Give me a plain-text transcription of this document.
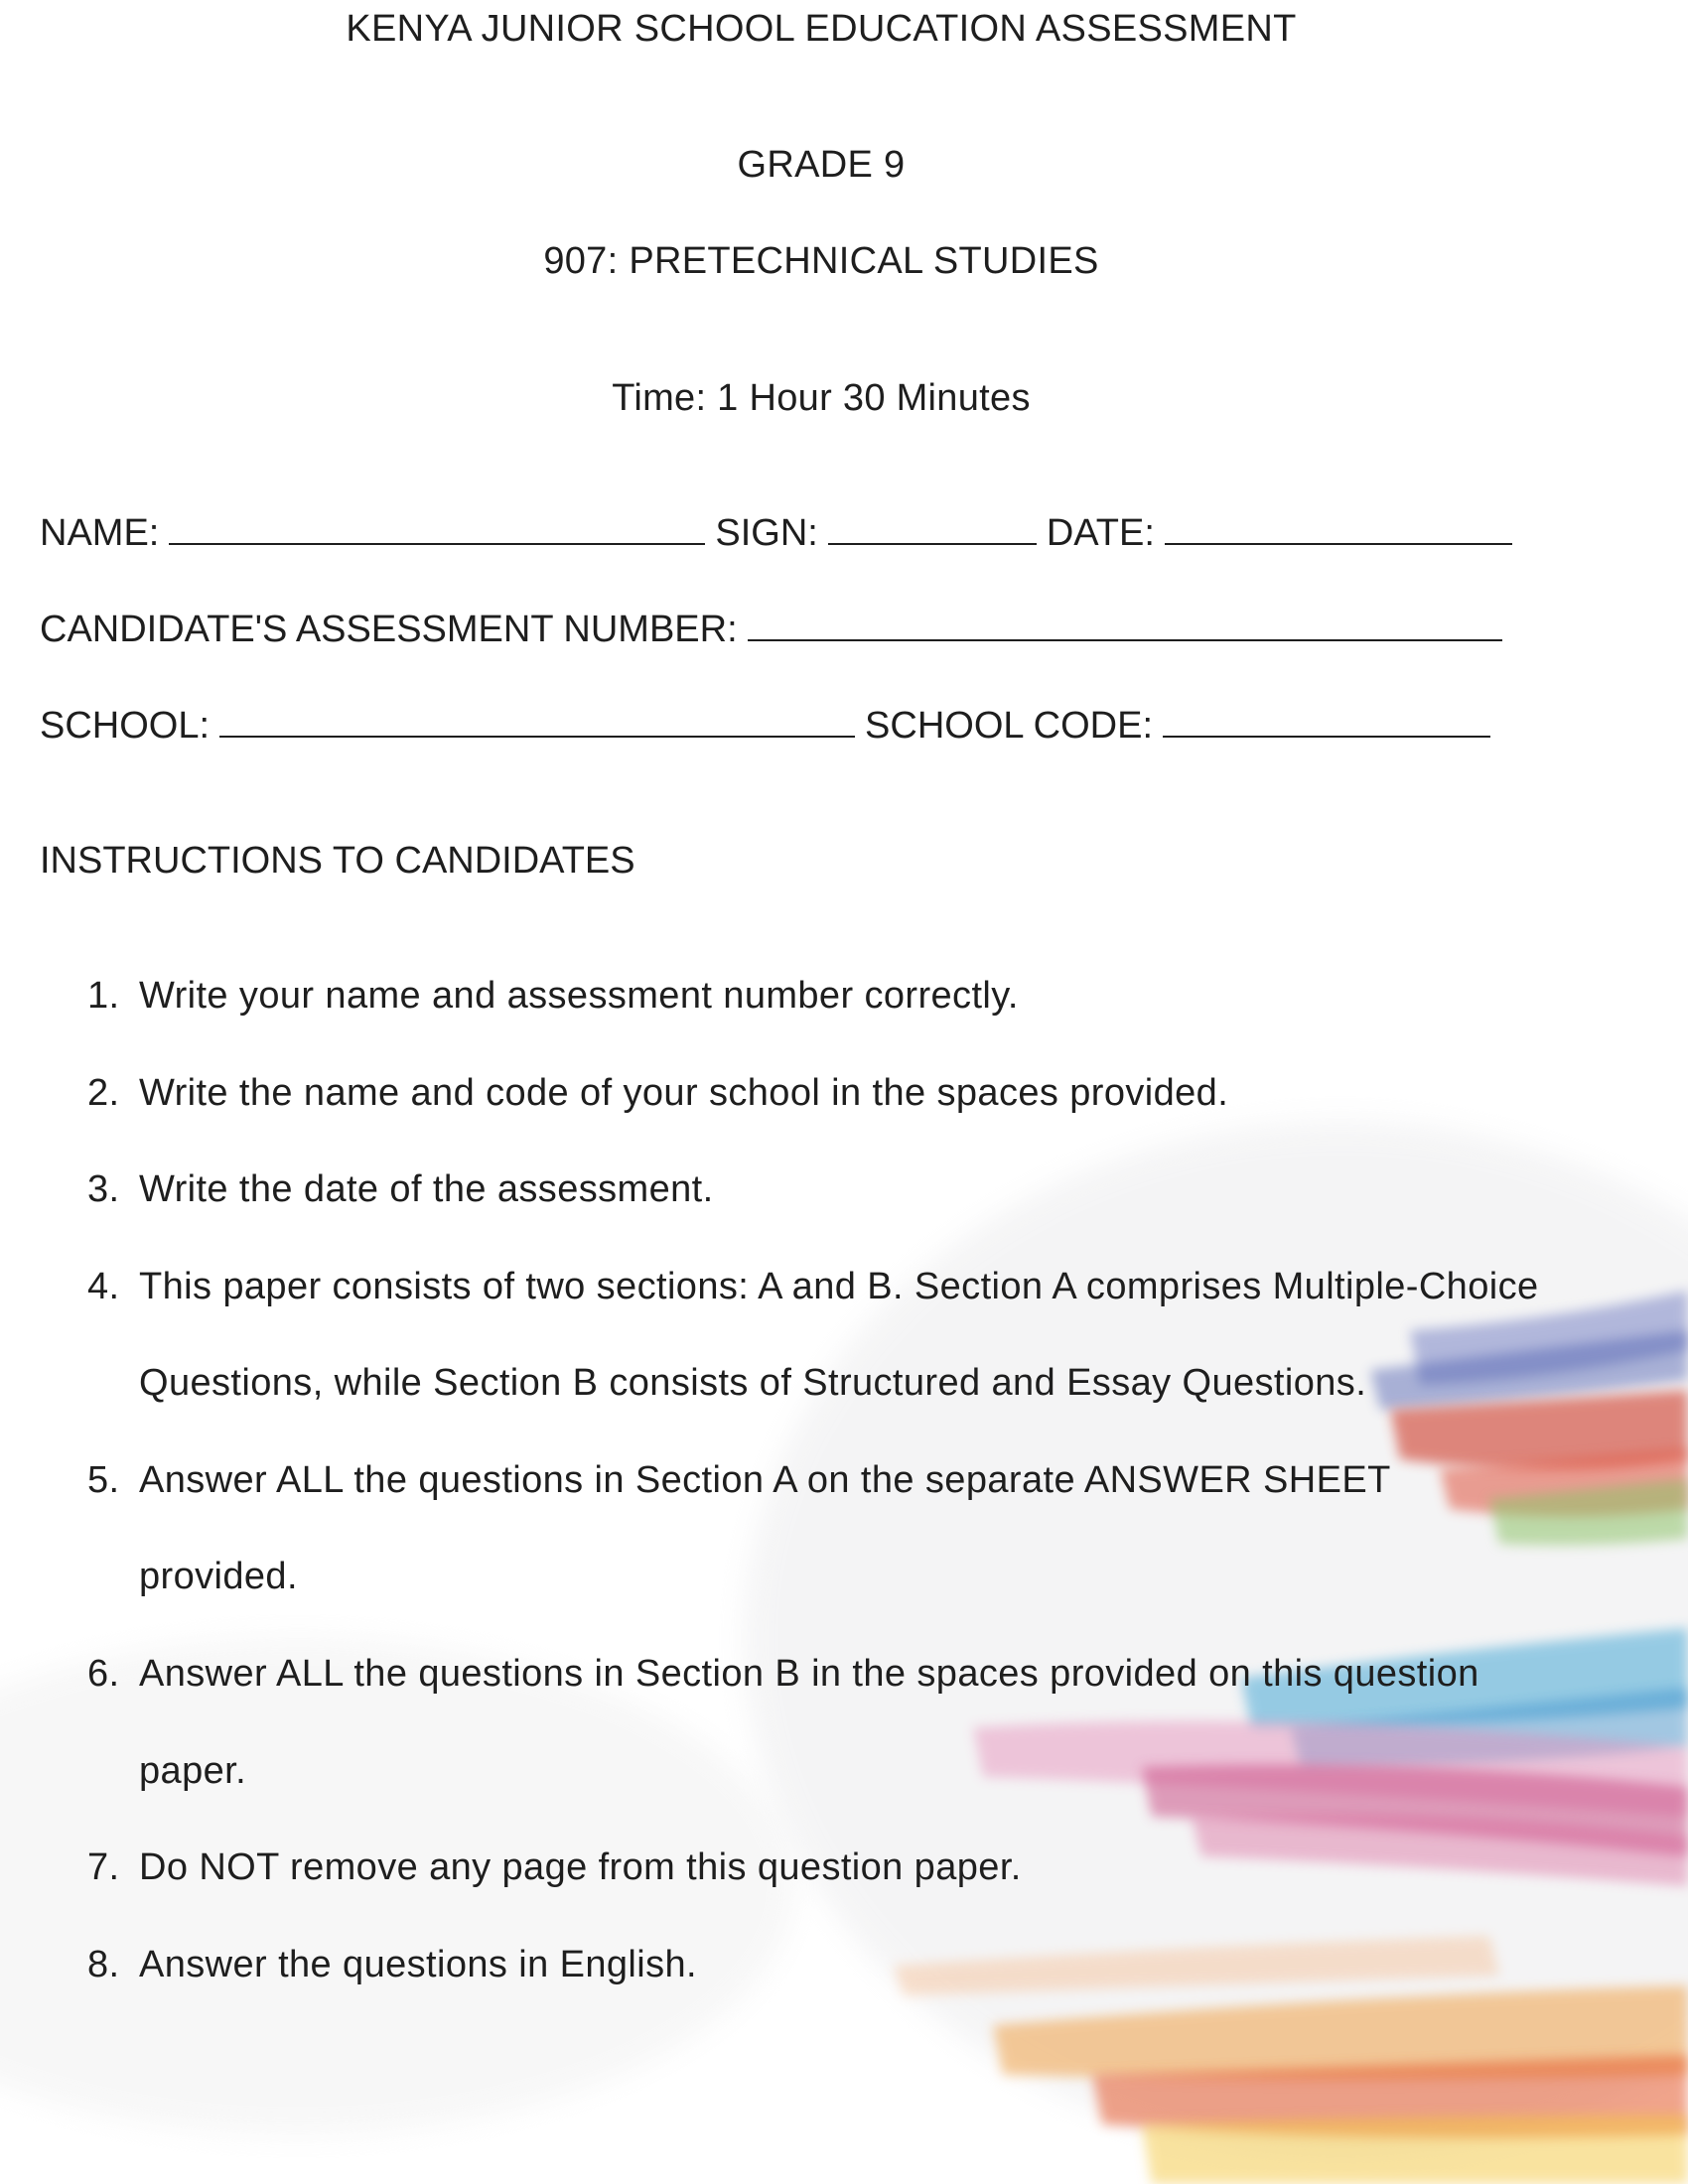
KENYA JUNIOR SCHOOL EDUCATION ASSESSMENT
GRADE 9
907: PRETECHNICAL STUDIES
Time: 1 Hour 30 Minutes
NAME:	SIGN:	DATE:
CANDIDATE'S ASSESSMENT NUMBER:
SCHOOL:	SCHOOL CODE:
INSTRUCTIONS TO CANDIDATES
1. Write your name and assessment number correctly.
2. Write the name and code of your school in the spaces provided.
3. Write the date of the assessment.
4. This paper consists of two sections: A and B. Section A comprises Multiple-Choice
Questions, while Section B consists of Structured and Essay Questions.
5. Answer ALL the questions in Section A on the separate ANSWER SHEET
provided.
6. Answer ALL the questions in Section B in the spaces provided on this question
paper.
7. Do NOT remove any page from this question paper.
8. Answer the questions in English.
